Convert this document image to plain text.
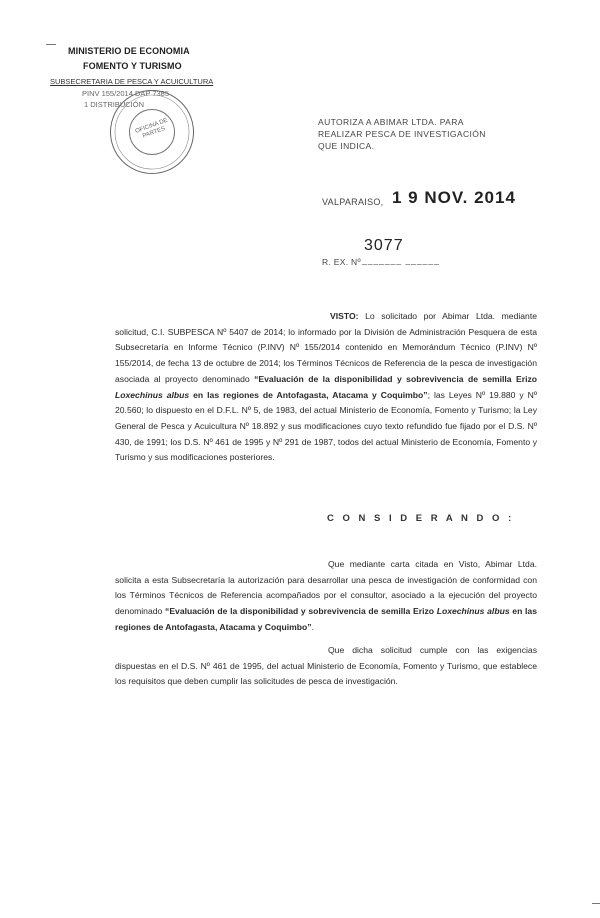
MINISTERIO DE ECONOMIA
FOMENTO Y TURISMO
SUBSECRETARIA DE PESCA Y ACUICULTURA
PINV 155/2014 DAP 7385
1 DISTRIBUCIÓN
OFICINA DE PARTES
AUTORIZA A ABIMAR LTDA. PARA REALIZAR PESCA DE INVESTIGACIÓN QUE INDICA.
VALPARAISO, 1 9 NOV. 2014
3077
R. EX. Nº _______ ______
VISTO: Lo solicitado por Abimar Ltda. mediante solicitud, C.I. SUBPESCA Nº 5407 de 2014; lo informado por la División de Administración Pesquera de esta Subsecretaría en Informe Técnico (P.INV) Nº 155/2014 contenido en Memorándum Técnico (P.INV) Nº 155/2014, de fecha 13 de octubre de 2014; los Términos Técnicos de Referencia de la pesca de investigación asociada al proyecto denominado “Evaluación de la disponibilidad y sobrevivencia de semilla Erizo Loxechinus albus en las regiones de Antofagasta, Atacama y Coquimbo”; las Leyes Nº 19.880 y Nº 20.560; lo dispuesto en el D.F.L. Nº 5, de 1983, del actual Ministerio de Economía, Fomento y Turismo; la Ley General de Pesca y Acuicultura Nº 18.892 y sus modificaciones cuyo texto refundido fue fijado por el D.S. Nº 430, de 1991; los D.S. Nº 461 de 1995 y Nº 291 de 1987, todos del actual Ministerio de Economía, Fomento y Turismo y sus modificaciones posteriores.
C O N S I D E R A N D O :
Que mediante carta citada en Visto, Abimar Ltda. solicita a esta Subsecretaría la autorización para desarrollar una pesca de investigación de conformidad con los Términos Técnicos de Referencia acompañados por el consultor, asociado a la ejecución del proyecto denominado “Evaluación de la disponibilidad y sobrevivencia de semilla Erizo Loxechinus albus en las regiones de Antofagasta, Atacama y Coquimbo”.
Que dicha solicitud cumple con las exigencias dispuestas en el D.S. Nº 461 de 1995, del actual Ministerio de Economía, Fomento y Turismo, que establece los requisitos que deben cumplir las solicitudes de pesca de investigación.
